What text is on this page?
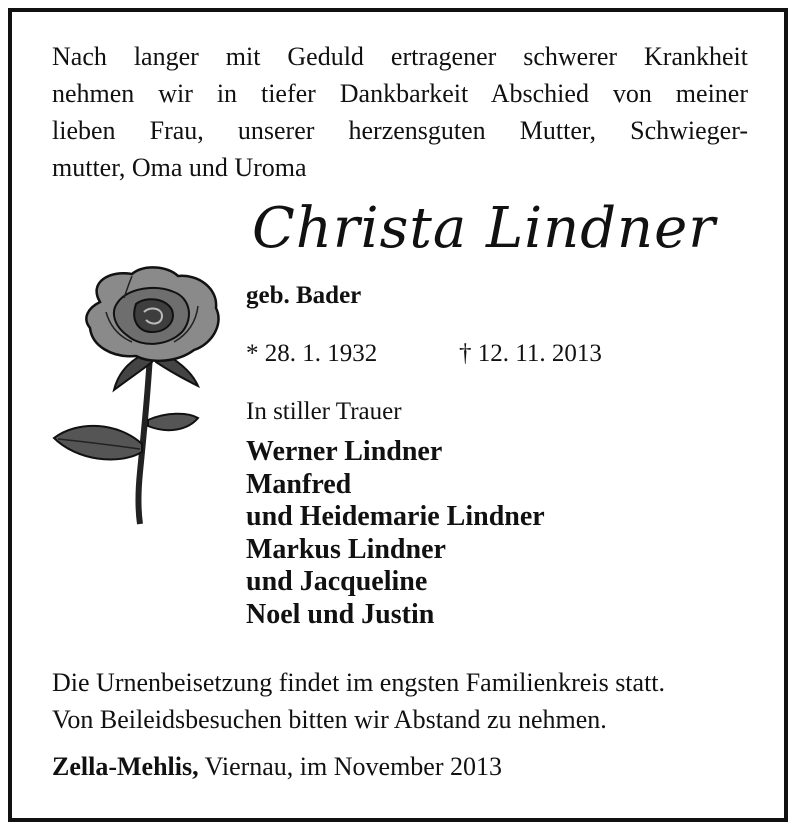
Nach langer mit Geduld ertragener schwerer Krankheit
nehmen wir in tiefer Dankbarkeit Abschied von meiner
lieben Frau, unserer herzensguten Mutter, Schwieger-
mutter, Oma und Uroma
Christa Lindner
geb. Bader
* 28. 1. 1932	† 12. 11. 2013
In stiller Trauer
Werner Lindner
Manfred
und Heidemarie Lindner
Markus Lindner
und Jacqueline
Noel und Justin
Die Urnenbeisetzung findet im engsten Familienkreis statt.
Von Beileidsbesuchen bitten wir Abstand zu nehmen.
Zella-Mehlis, Viernau, im November 2013
